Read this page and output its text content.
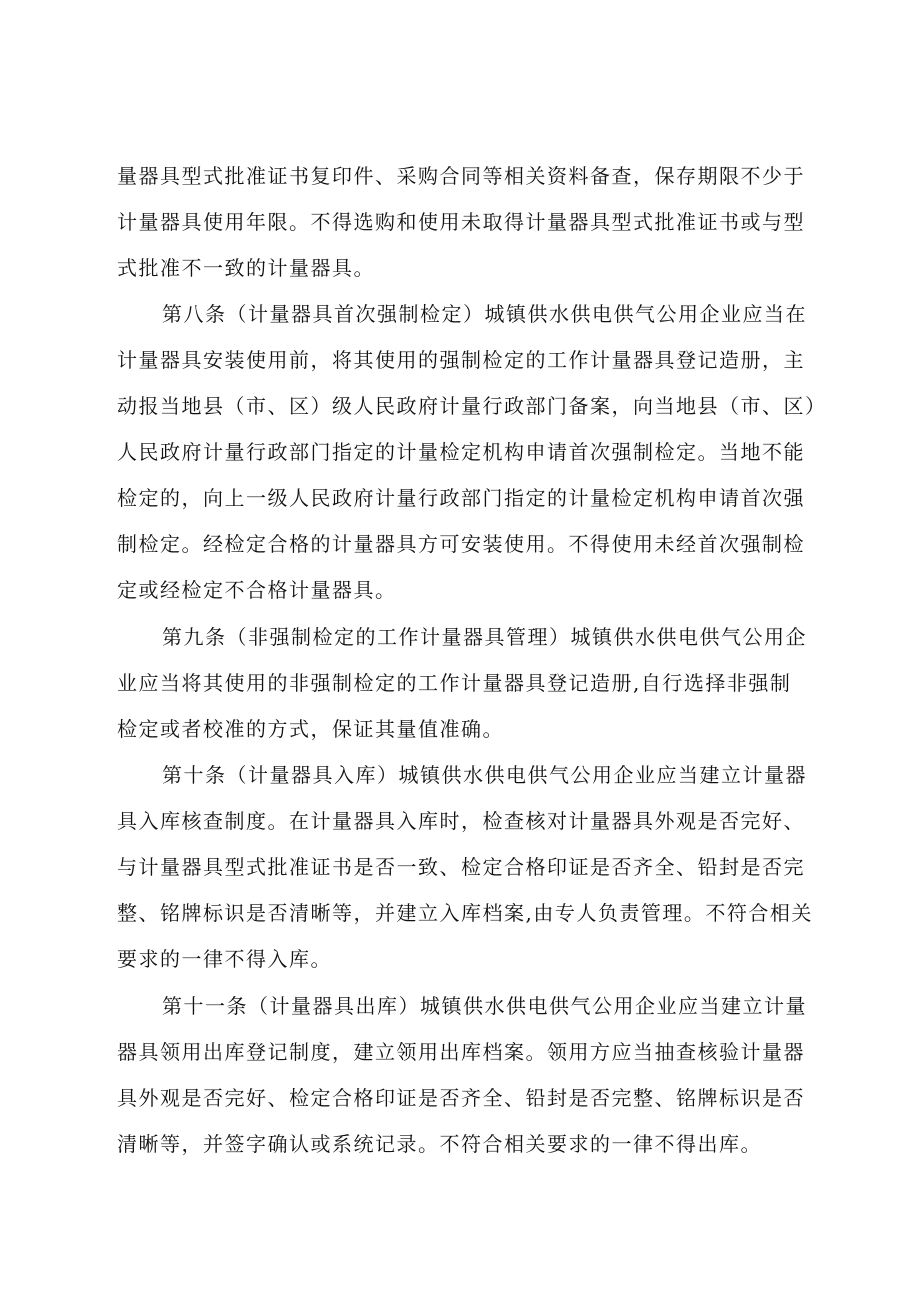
量器具型式批准证书复印件、采购合同等相关资料备查，保存期限不少于
计量器具使用年限。不得选购和使用未取得计量器具型式批准证书或与型
式批准不一致的计量器具。

第八条（计量器具首次强制检定）城镇供水供电供气公用企业应当在
计量器具安装使用前，将其使用的强制检定的工作计量器具登记造册，主
动报当地县（市、区）级人民政府计量行政部门备案，向当地县（市、区）
人民政府计量行政部门指定的计量检定机构申请首次强制检定。当地不能
检定的，向上一级人民政府计量行政部门指定的计量检定机构申请首次强
制检定。经检定合格的计量器具方可安装使用。不得使用未经首次强制检
定或经检定不合格计量器具。

第九条（非强制检定的工作计量器具管理）城镇供水供电供气公用企
业应当将其使用的非强制检定的工作计量器具登记造册,自行选择非强制
检定或者校准的方式，保证其量值准确。

第十条（计量器具入库）城镇供水供电供气公用企业应当建立计量器
具入库核查制度。在计量器具入库时，检查核对计量器具外观是否完好、
与计量器具型式批准证书是否一致、检定合格印证是否齐全、铅封是否完
整、铭牌标识是否清晰等，并建立入库档案,由专人负责管理。不符合相关
要求的一律不得入库。

第十一条（计量器具出库）城镇供水供电供气公用企业应当建立计量
器具领用出库登记制度，建立领用出库档案。领用方应当抽查核验计量器
具外观是否完好、检定合格印证是否齐全、铅封是否完整、铭牌标识是否
清晰等，并签字确认或系统记录。不符合相关要求的一律不得出库。
